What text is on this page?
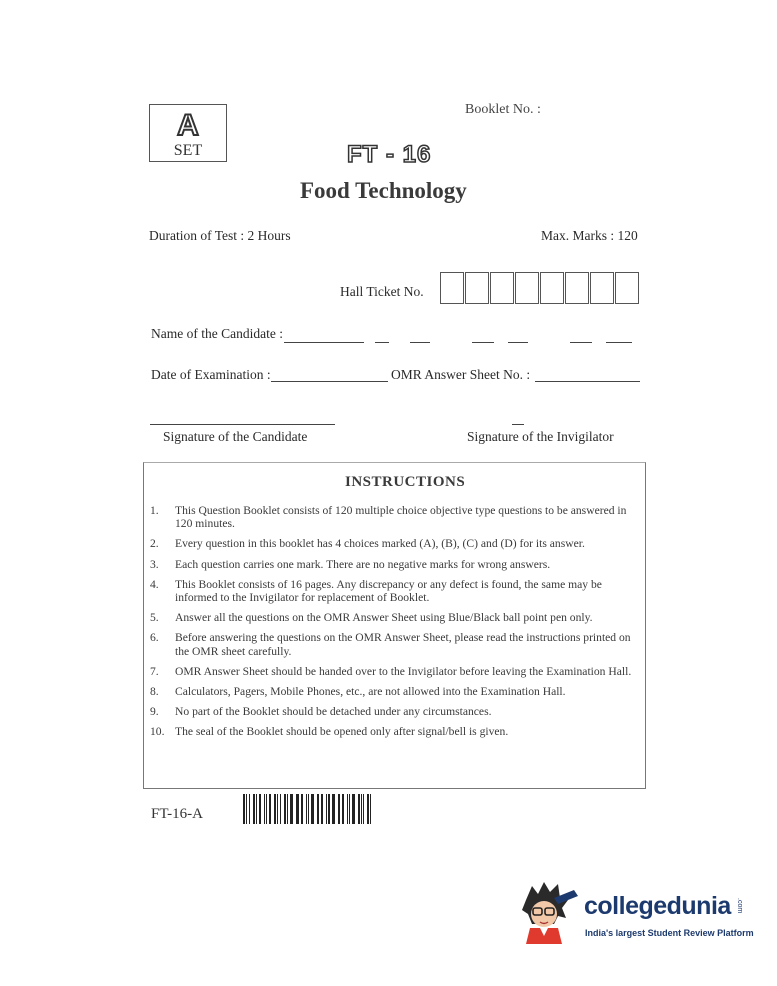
A
SET
Booklet No. :
FT - 16
Food Technology
Duration of Test : 2 Hours	Max. Marks : 120
Hall Ticket No.
Name of the Candidate :
Date of Examination :	OMR Answer Sheet No. :
Signature of the Candidate	Signature of the Invigilator
INSTRUCTIONS
1.	This Question Booklet consists of 120 multiple choice objective type questions to be answered in 120 minutes.
2.	Every question in this booklet has 4 choices marked (A), (B), (C) and (D) for its answer.
3.	Each question carries one mark. There are no negative marks for wrong answers.
4.	This Booklet consists of 16 pages. Any discrepancy or any defect is found, the same may be informed to the Invigilator for replacement of Booklet.
5.	Answer all the questions on the OMR Answer Sheet using Blue/Black ball point pen only.
6.	Before answering the questions on the OMR Answer Sheet, please read the instructions printed on the OMR sheet carefully.
7.	OMR Answer Sheet should be handed over to the Invigilator before leaving the Examination Hall.
8.	Calculators, Pagers, Mobile Phones, etc., are not allowed into the Examination Hall.
9.	No part of the Booklet should be detached under any circumstances.
10. The seal of the Booklet should be opened only after signal/bell is given.
FT-16-A
collegedunia .com
India's largest Student Review Platform
